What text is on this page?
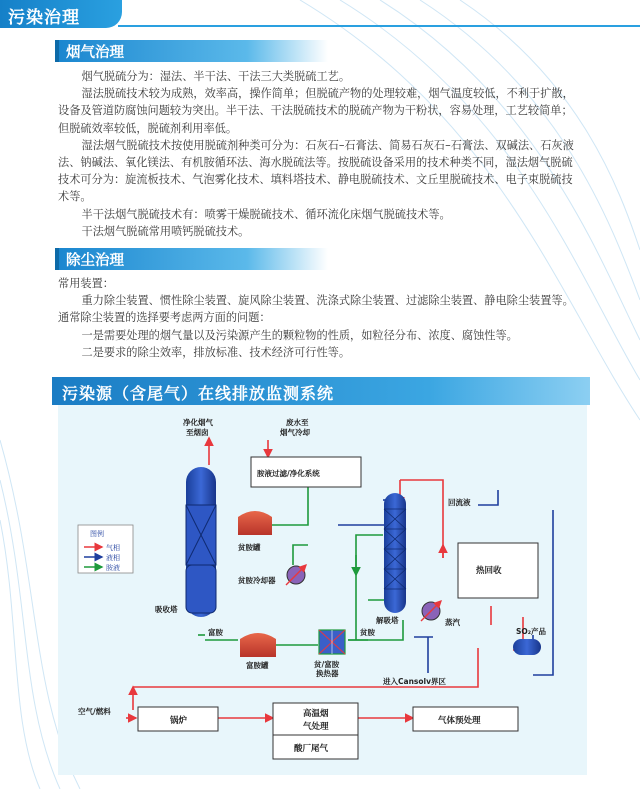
污染治理
烟气治理

烟气脱硫分为：湿法、半干法、干法三大类脱硫工艺。

湿法脱硫技术较为成熟，效率高，操作简单；但脱硫产物的处理较难，烟气温度较低，不利于扩散，

设备及管道防腐蚀问题较为突出。半干法、干法脱硫技术的脱硫产物为干粉状，容易处理，工艺较简单；

但脱硫效率较低，脱硫剂利用率低。

湿法烟气脱硫技术按使用脱硫剂种类可分为：石灰石–石膏法、简易石灰石–石膏法、双碱法、石灰液

法、钠碱法、氧化镁法、有机胺循环法、海水脱硫法等。按脱硫设备采用的技术种类不同，湿法烟气脱硫

技术可分为：旋流板技术、气泡雾化技术、填料塔技术、静电脱硫技术、文丘里脱硫技术、电子束脱硫技

术等。

半干法烟气脱硫技术有：喷雾干燥脱硫技术、循环流化床烟气脱硫技术等。

干法烟气脱硫常用喷钙脱硫技术。

除尘治理

常用装置：

重力除尘装置、惯性除尘装置、旋风除尘装置、洗涤式除尘装置、过滤除尘装置、静电除尘装置等。

通常除尘装置的选择要考虑两方面的问题：

一是需要处理的烟气量以及污染源产生的颗粒物的性质，如粒径分布、浓度、腐蚀性等。

二是要求的除尘效率，排放标准、技术经济可行性等。

污染源（含尾气）在线排放监测系统
图例
气相
液相
胺液
净化烟气
至烟囱
废水至
烟气冷却
胺液过滤/净化系统
贫胺罐
贫胺冷却器
吸收塔
富胺
富胺罐	贫/富胺
换热器
贫胺
解吸塔	蒸汽
回流液
热回收
SO₂产品
进入Cansolv界区
空气/燃料
锅炉
高温烟
气处理
酸厂尾气
气体预处理
